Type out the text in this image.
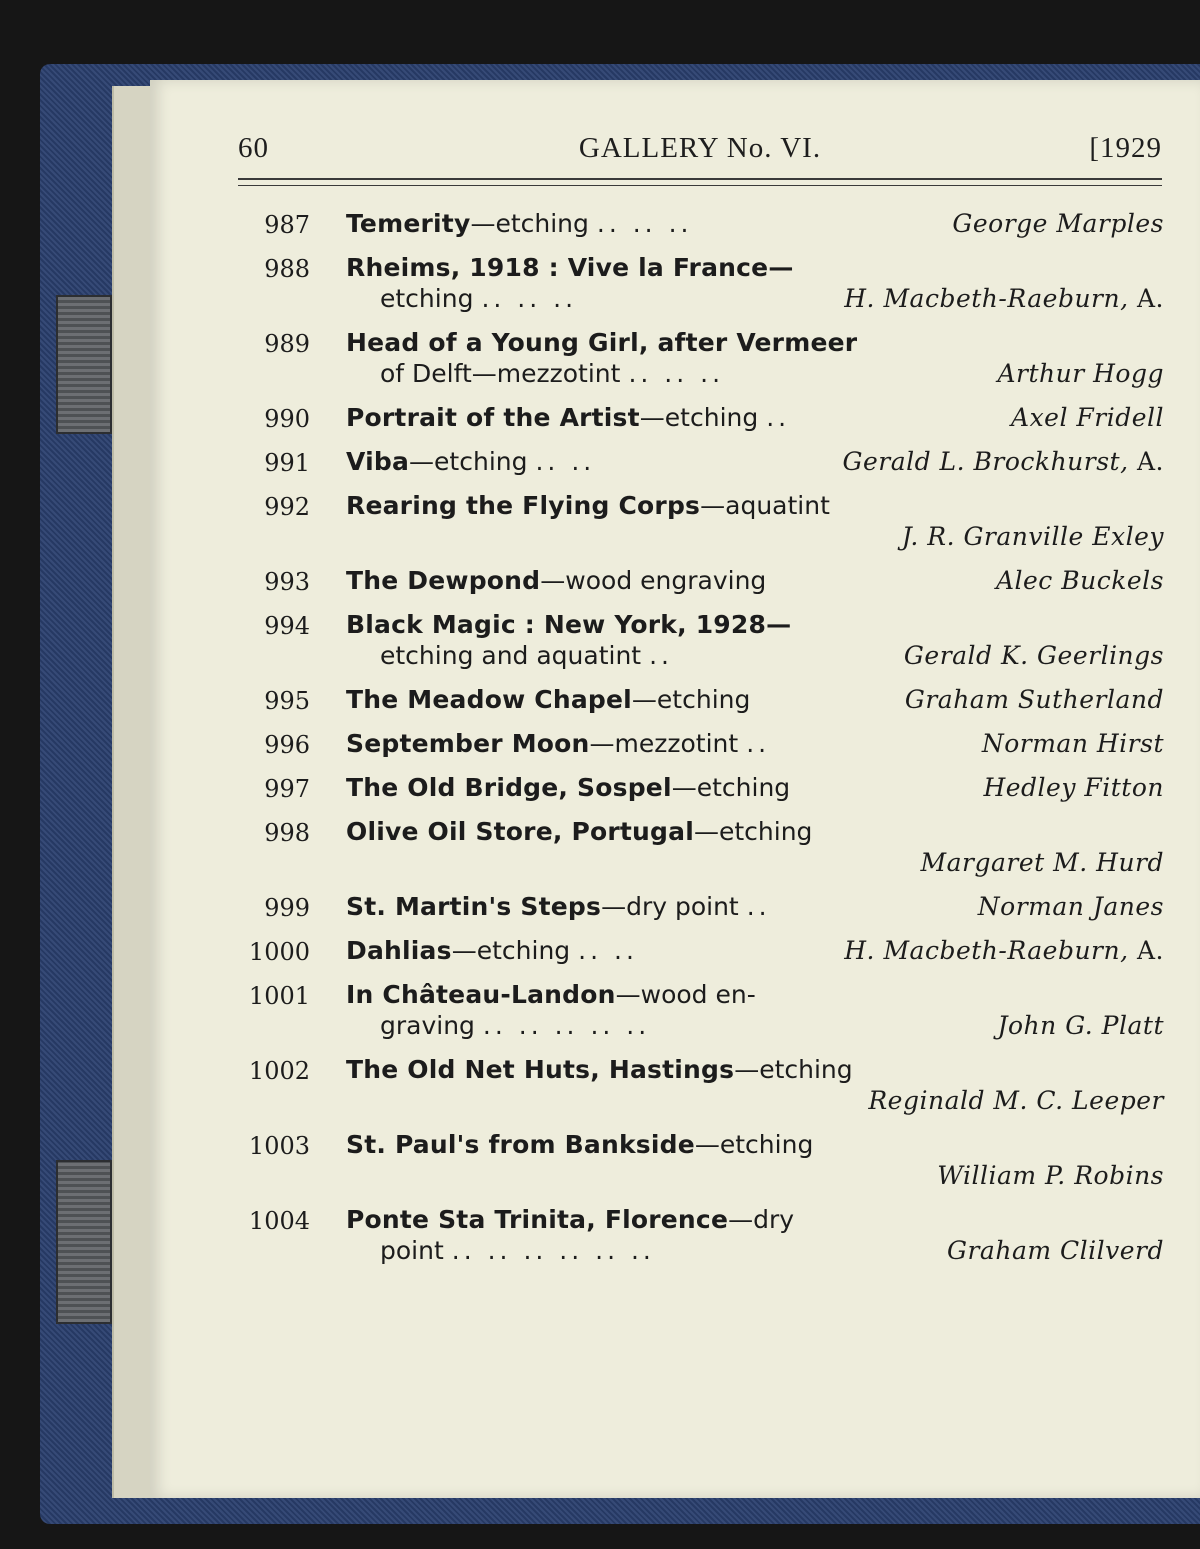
60	GALLERY No. VI.	[1929
987 Temerity—etching .. .. ..	George Marples
988 Rheims, 1918 : Vive la France—
etching .. .. ..	H. Macbeth-Raeburn, A.
989 Head of a Young Girl, after Vermeer
of Delft—mezzotint .. .. ..	Arthur Hogg
990 Portrait of the Artist—etching ..	Axel Fridell
991 Viba—etching .. ..	Gerald L. Brockhurst, A.
992 Rearing the Flying Corps—aquatint
J. R. Granville Exley
993 The Dewpond—wood engraving	Alec Buckels
994 Black Magic : New York, 1928—
etching and aquatint ..	Gerald K. Geerlings
995 The Meadow Chapel—etching	Graham Sutherland
996 September Moon—mezzotint ..	Norman Hirst
997 The Old Bridge, Sospel—etching	Hedley Fitton
998 Olive Oil Store, Portugal—etching
Margaret M. Hurd
999 St. Martin's Steps—dry point ..	Norman Janes
1000 Dahlias—etching .. ..	H. Macbeth-Raeburn, A.
1001 In Château-Landon—wood en-
graving .. .. .. .. ..	John G. Platt
1002 The Old Net Huts, Hastings—etching
Reginald M. C. Leeper
1003 St. Paul's from Bankside—etching
William P. Robins
1004 Ponte Sta Trinita, Florence—dry
point .. .. .. .. .. ..	Graham Clilverd
